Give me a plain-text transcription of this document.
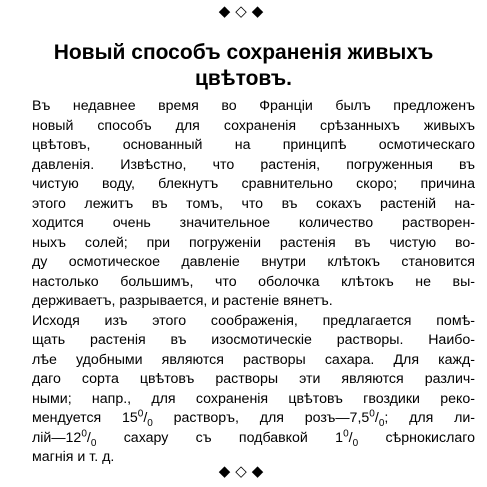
◆◇◆
Новый способъ сохраненія живыхъ
цвѣтовъ.

Въ недавнее время во Франціи былъ предложенъ
новый способъ для сохраненія срѣзанныхъ живыхъ
цвѣтовъ, основанный на принципѣ осмотическаго
давленія. Извѣстно, что растенія, погруженныя въ
чистую воду, блекнутъ сравнительно скоро; причина
этого лежитъ въ томъ, что въ сокахъ растеній на-
ходится очень значительное количество растворен-
ныхъ солей; при погруженіи растенія въ чистую во-
ду осмотическое давленіе внутри клѣтокъ становится
настолько большимъ, что оболочка клѣтокъ не вы-
держиваетъ, разрывается, и растеніе вянетъ.

Исходя изъ этого соображенія, предлагается помѣ-
щать растенія въ изосмотическіе растворы. Наибо-
лѣе удобными являются растворы сахара. Для кажд-
даго сорта цвѣтовъ растворы эти являются различ-
ными; напр., для сохраненія цвѣтовъ гвоздики реко-
мендуется $15^0/_0$ растворъ, для $розъ—7,5^0/_0$; для ли-
$лій—12^0/_0$ сахару съ подбавкой $1^0/_0$ сѣрнокислаго
магнія и т. д.

◆◇◆
